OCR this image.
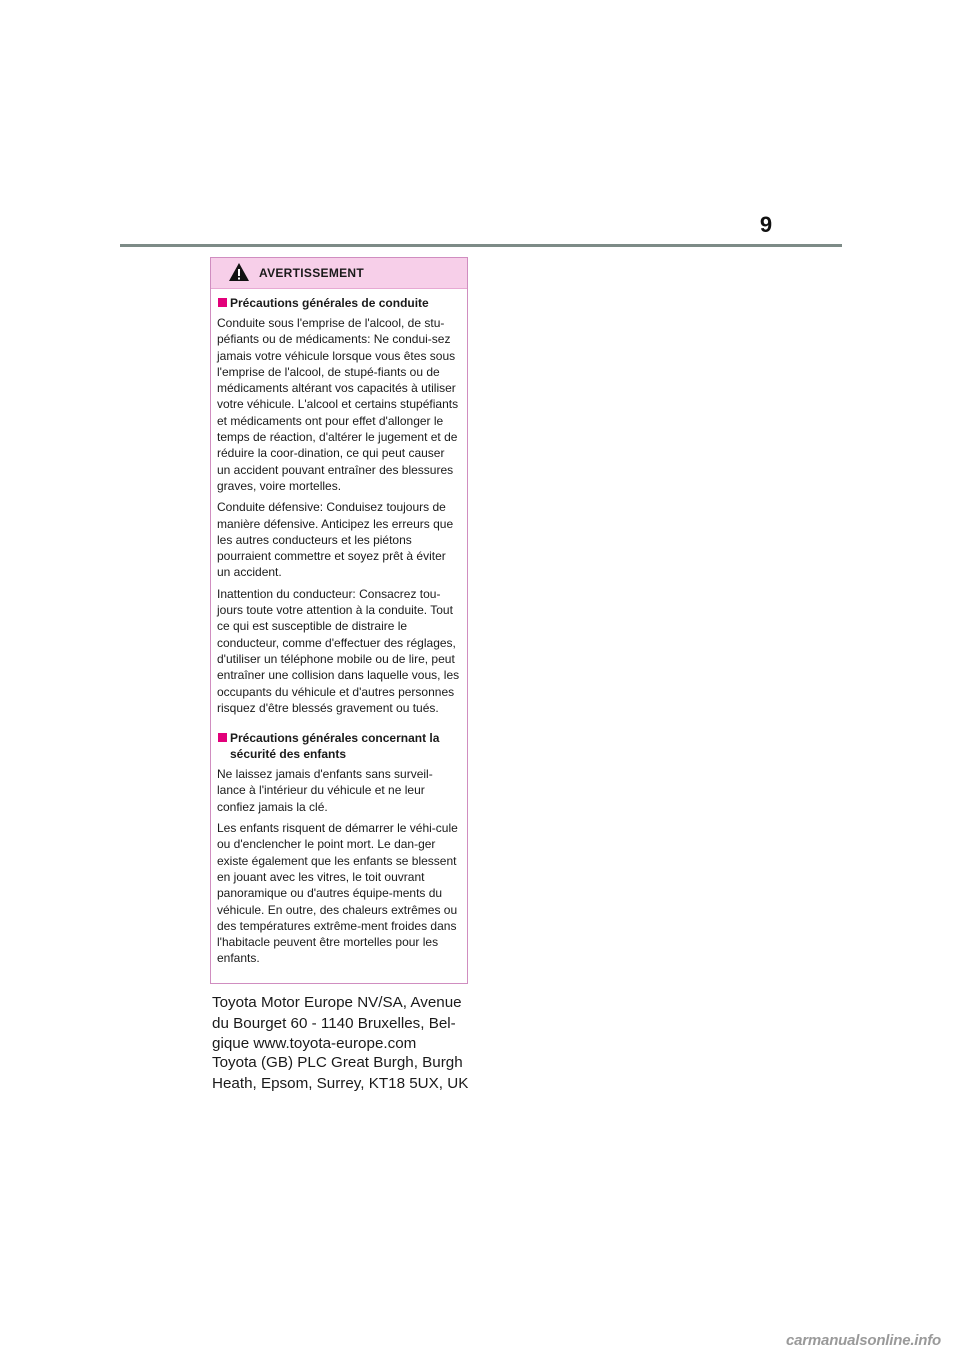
9
AVERTISSEMENT
Précautions générales de conduite

Conduite sous l'emprise de l'alcool, de stu-péfiants ou de médicaments: Ne condui-sez jamais votre véhicule lorsque vous êtes sous l'emprise de l'alcool, de stupé-fiants ou de médicaments altérant vos capacités à utiliser votre véhicule. L'alcool et certains stupéfiants et médicaments ont pour effet d'allonger le temps de réaction, d'altérer le jugement et de réduire la coor-dination, ce qui peut causer un accident pouvant entraîner des blessures graves, voire mortelles.

Conduite défensive: Conduisez toujours de manière défensive. Anticipez les erreurs que les autres conducteurs et les piétons pourraient commettre et soyez prêt à éviter un accident.

Inattention du conducteur: Consacrez tou-jours toute votre attention à la conduite. Tout ce qui est susceptible de distraire le conducteur, comme d'effectuer des réglages, d'utiliser un téléphone mobile ou de lire, peut entraîner une collision dans laquelle vous, les occupants du véhicule et d'autres personnes risquez d'être blessés gravement ou tués.

Précautions générales concernant la sécurité des enfants

Ne laissez jamais d'enfants sans surveil-lance à l'intérieur du véhicule et ne leur confiez jamais la clé.

Les enfants risquent de démarrer le véhi-cule ou d'enclencher le point mort. Le dan-ger existe également que les enfants se blessent en jouant avec les vitres, le toit ouvrant panoramique ou d'autres équipe-ments du véhicule. En outre, des chaleurs extrêmes ou des températures extrême-ment froides dans l'habitacle peuvent être mortelles pour les enfants.

Toyota Motor Europe NV/SA, Avenue du Bourget 60 - 1140 Bruxelles, Bel-gique www.toyota-europe.com

Toyota (GB) PLC Great Burgh, Burgh Heath, Epsom, Surrey, KT18 5UX, UK

carmanualsonline.info
